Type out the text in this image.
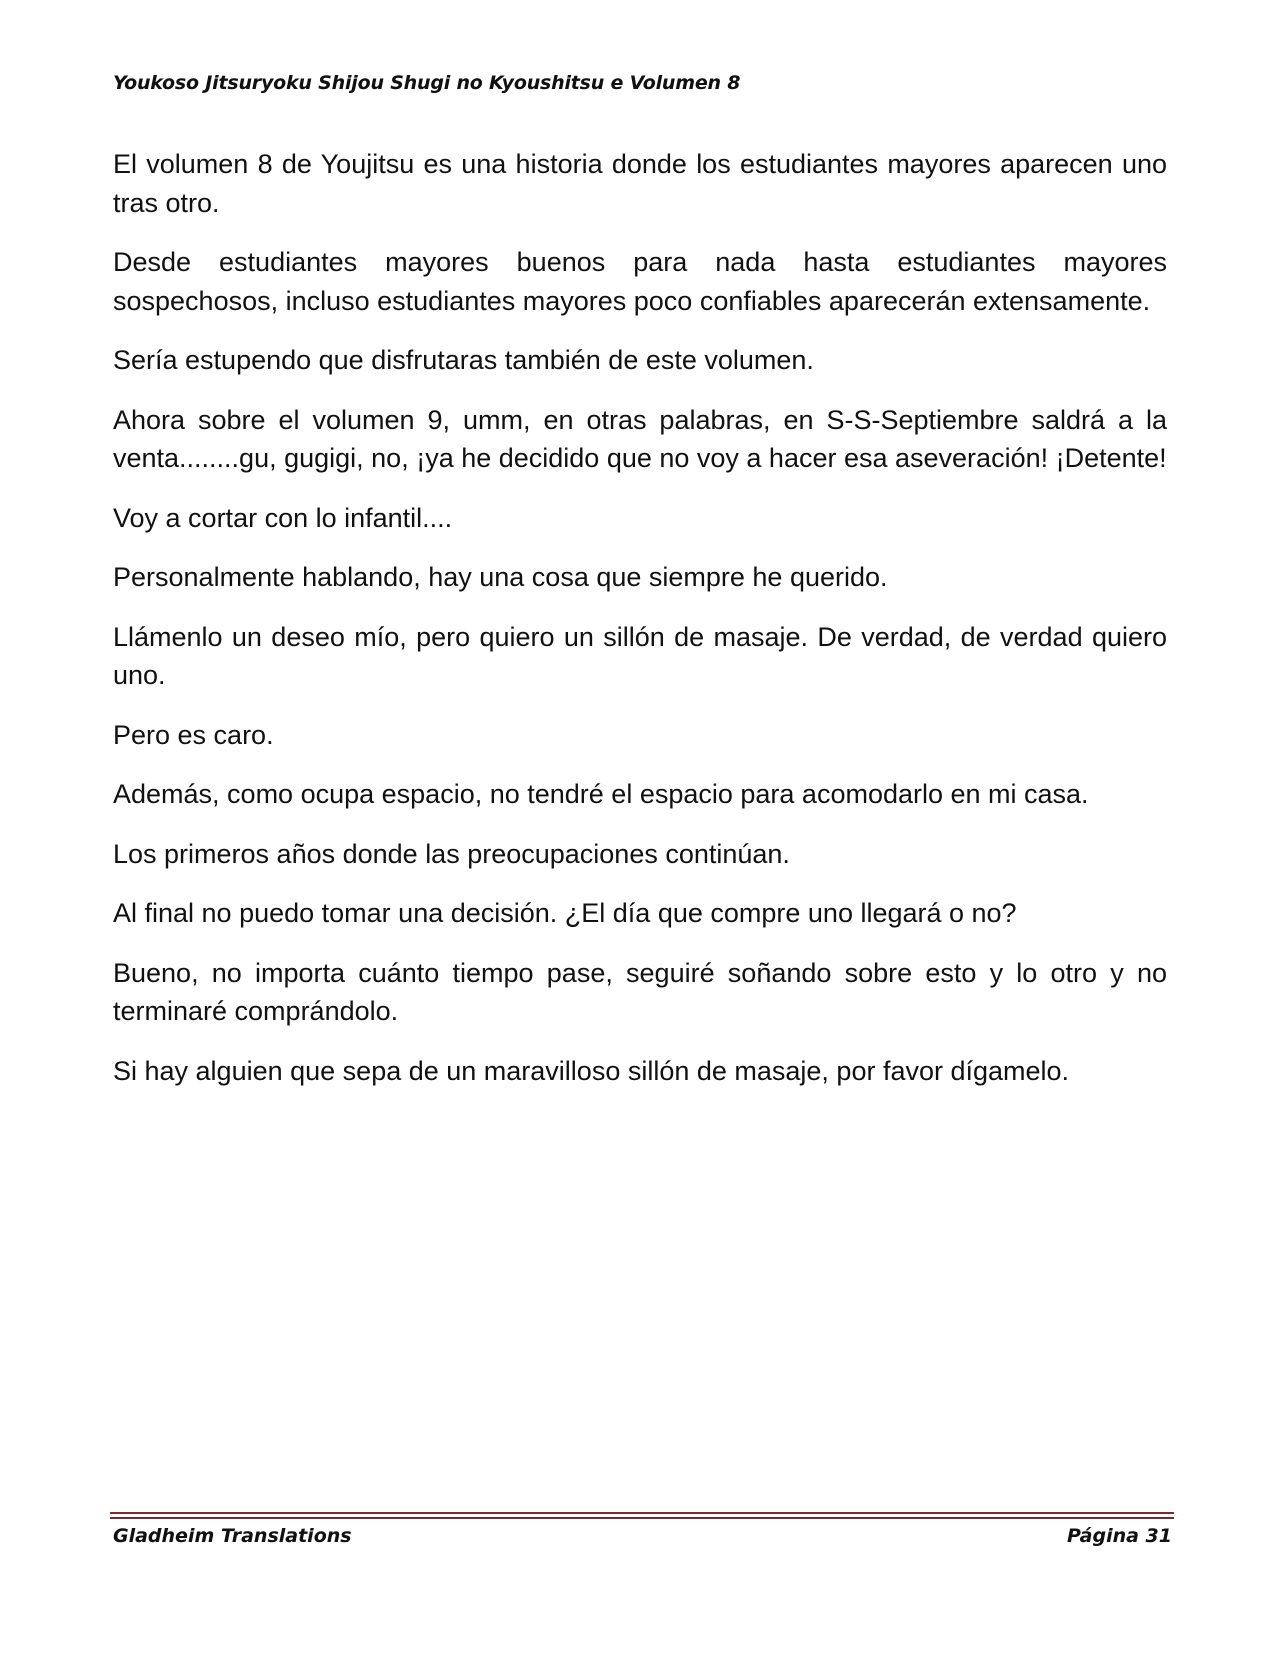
Youkoso Jitsuryoku Shijou Shugi no Kyoushitsu e Volumen 8

El volumen 8 de Youjitsu es una historia donde los estudiantes mayores aparecen uno tras otro.

Desde estudiantes mayores buenos para nada hasta estudiantes mayores sospechosos, incluso estudiantes mayores poco confiables aparecerán extensamente.

Sería estupendo que disfrutaras también de este volumen.

Ahora sobre el volumen 9, umm, en otras palabras, en S-S-Septiembre saldrá a la venta........gu, gugigi, no, ¡ya he decidido que no voy a hacer esa aseveración! ¡Detente!

Voy a cortar con lo infantil....

Personalmente hablando, hay una cosa que siempre he querido.

Llámenlo un deseo mío, pero quiero un sillón de masaje. De verdad, de verdad quiero uno.

Pero es caro.

Además, como ocupa espacio, no tendré el espacio para acomodarlo en mi casa.

Los primeros años donde las preocupaciones continúan.

Al final no puedo tomar una decisión. ¿El día que compre uno llegará o no?

Bueno, no importa cuánto tiempo pase, seguiré soñando sobre esto y lo otro y no terminaré comprándolo.

Si hay alguien que sepa de un maravilloso sillón de masaje, por favor dígamelo.

Gladheim Translations	Página 31
